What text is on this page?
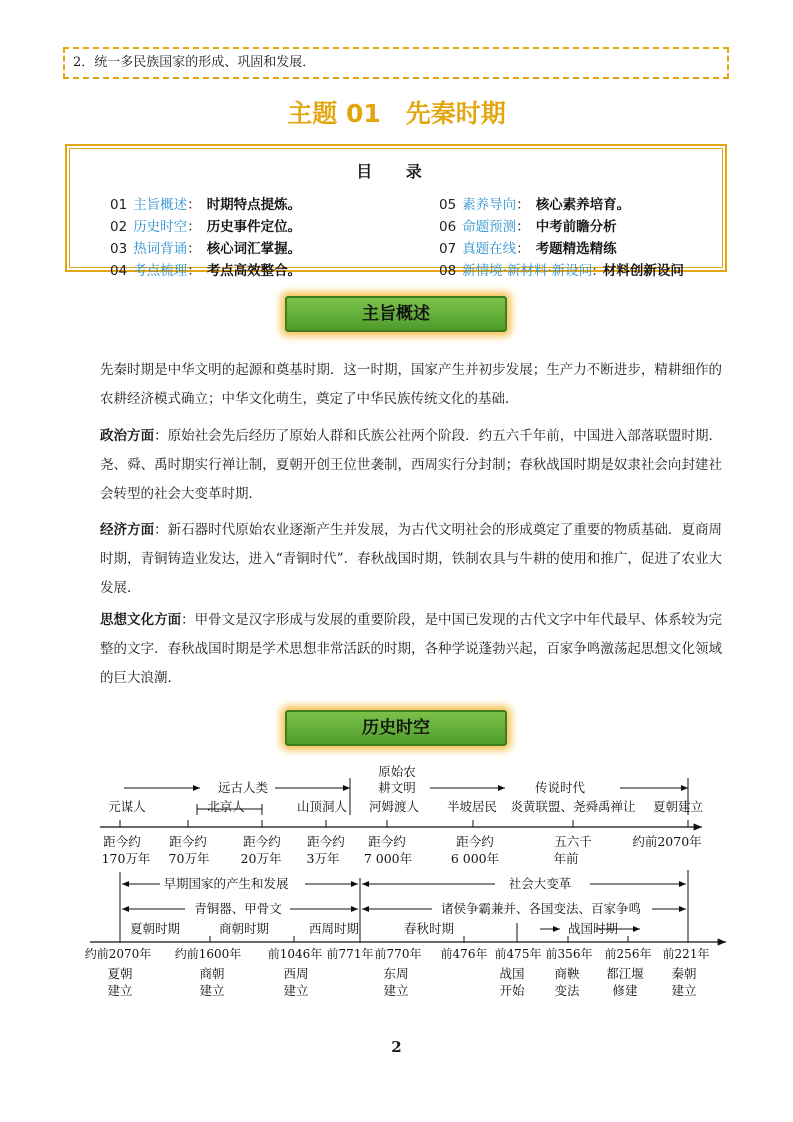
2．统一多民族国家的形成、巩固和发展．
主题 01　先秦时期
目 录
01 主旨概述： 时期特点提炼。
02 历史时空： 历史事件定位。
03 热词背诵： 核心词汇掌握。
04 考点梳理： 考点高效整合。
05 素养导向： 核心素养培育。
06 命题预测： 中考前瞻分析
07 真题在线： 考题精选精练
08 新情境·新材料·新设问: 材料创新设问
主旨概述
先秦时期是中华文明的起源和奠基时期．这一时期，国家产生并初步发展；生产力不断进步，精耕细作的农耕经济模式确立；中华文化萌生，奠定了中华民族传统文化的基础．
政治方面：原始社会先后经历了原始人群和氏族公社两个阶段．约五六千年前，中国进入部落联盟时期．尧、舜、禹时期实行禅让制，夏朝开创王位世袭制，西周实行分封制；春秋战国时期是奴隶社会向封建社会转型的社会大变革时期．
经济方面：新石器时代原始农业逐渐产生并发展，为古代文明社会的形成奠定了重要的物质基础．夏商周时期，青铜铸造业发达，进入“青铜时代”．春秋战国时期，铁制农具与牛耕的使用和推广，促进了农业大发展．
思想文化方面：甲骨文是汉字形成与发展的重要阶段，是中国已发现的古代文字中年代最早、体系较为完整的文字．春秋战国时期是学术思想非常活跃的时期，各种学说蓬勃兴起，百家争鸣激荡起思想文化领域的巨大浪潮．
历史时空
远古人类
原始农
耕文明	传说时代
元谋人	北京人	山顶洞人 河姆渡人 半坡居民 炎黄联盟、尧舜禹禅让 夏朝建立
距今约 距今约	距今约 距今约 距今约	距今约	五六千	约前2070年
170万年 70万年 20万年 3万年 7 000年	6 000年	年前
早期国家的产生和发展
青铜器、甲骨文
社会大变革
诸侯争霸兼并、各国变法、百家争鸣
夏朝时期	商朝时期	西周时期	春秋时期	战国时期
约前2070年 约前1600年 前1046年 前771年 前770年 前476年 前475年 前356年 前256年 前221年
夏朝	商朝	西周	东周	战国 商鞅 都江堰 秦朝
建立	建立	建立	建立	开始 变法	修建	建立
2
